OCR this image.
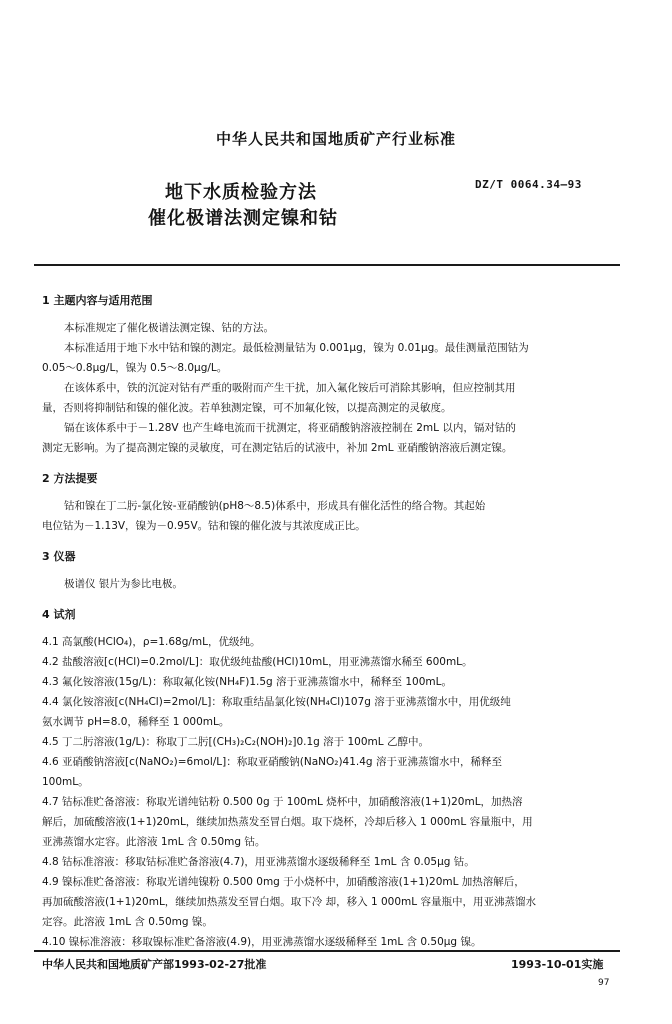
中华人民共和国地质矿产行业标准
地下水质检验方法
催化极谱法测定镍和钴
DZ/T 0064.34—93
1 主题内容与适用范围
本标准规定了催化极谱法测定镍、钴的方法。
本标准适用于地下水中钴和镍的测定。最低检测量钴为 0.001μg，镍为 0.01μg。最佳测量范围钴为
0.05～0.8μg/L，镍为 0.5～8.0μg/L。
在该体系中，铁的沉淀对钴有严重的吸附而产生干扰，加入氟化铵后可消除其影响，但应控制其用
量，否则将抑制钴和镍的催化波。若单独测定镍，可不加氟化铵，以提高测定的灵敏度。
镉在该体系中于－1.28V 也产生峰电流而干扰测定，将亚硝酸钠溶液控制在 2mL 以内，镉对钴的
测定无影响。为了提高测定镍的灵敏度，可在测定钴后的试液中，补加 2mL 亚硝酸钠溶液后测定镍。
2 方法提要
钴和镍在丁二肟-氯化铵-亚硝酸钠(pH8～8.5)体系中，形成具有催化活性的络合物。其起始
电位钴为－1.13V，镍为－0.95V。钴和镍的催化波与其浓度成正比。
3 仪器
极谱仪 银片为参比电极。
4 试剂
4.1 高氯酸(HClO₄)，ρ=1.68g/mL，优级纯。
4.2 盐酸溶液[c(HCl)=0.2mol/L]：取优级纯盐酸(HCl)10mL，用亚沸蒸馏水稀至 600mL。
4.3 氟化铵溶液(15g/L)：称取氟化铵(NH₄F)1.5g 溶于亚沸蒸馏水中，稀释至 100mL。
4.4 氯化铵溶液[c(NH₄Cl)=2mol/L]：称取重结晶氯化铵(NH₄Cl)107g 溶于亚沸蒸馏水中，用优级纯
氨水调节 pH=8.0，稀释至 1 000mL。
4.5 丁二肟溶液(1g/L)：称取丁二肟[(CH₃)₂C₂(NOH)₂]0.1g 溶于 100mL 乙醇中。
4.6 亚硝酸钠溶液[c(NaNO₂)=6mol/L]：称取亚硝酸钠(NaNO₂)41.4g 溶于亚沸蒸馏水中，稀释至
100mL。
4.7 钴标准贮备溶液：称取光谱纯钴粉 0.500 0g 于 100mL 烧杯中，加硝酸溶液(1+1)20mL，加热溶
解后，加硫酸溶液(1+1)20mL，继续加热蒸发至冒白烟。取下烧杯，冷却后移入 1 000mL 容量瓶中，用
亚沸蒸馏水定容。此溶液 1mL 含 0.50mg 钴。
4.8 钴标准溶液：移取钴标准贮备溶液(4.7)，用亚沸蒸馏水逐级稀释至 1mL 含 0.05μg 钴。
4.9 镍标准贮备溶液：称取光谱纯镍粉 0.500 0mg 于小烧杯中，加硝酸溶液(1+1)20mL 加热溶解后，
再加硫酸溶液(1+1)20mL，继续加热蒸发至冒白烟。取下冷 却，移入 1 000mL 容量瓶中，用亚沸蒸馏水
定容。此溶液 1mL 含 0.50mg 镍。
4.10 镍标准溶液：移取镍标准贮备溶液(4.9)，用亚沸蒸馏水逐级稀释至 1mL 含 0.50μg 镍。
中华人民共和国地质矿产部1993-02-27批准	1993-10-01实施
97
